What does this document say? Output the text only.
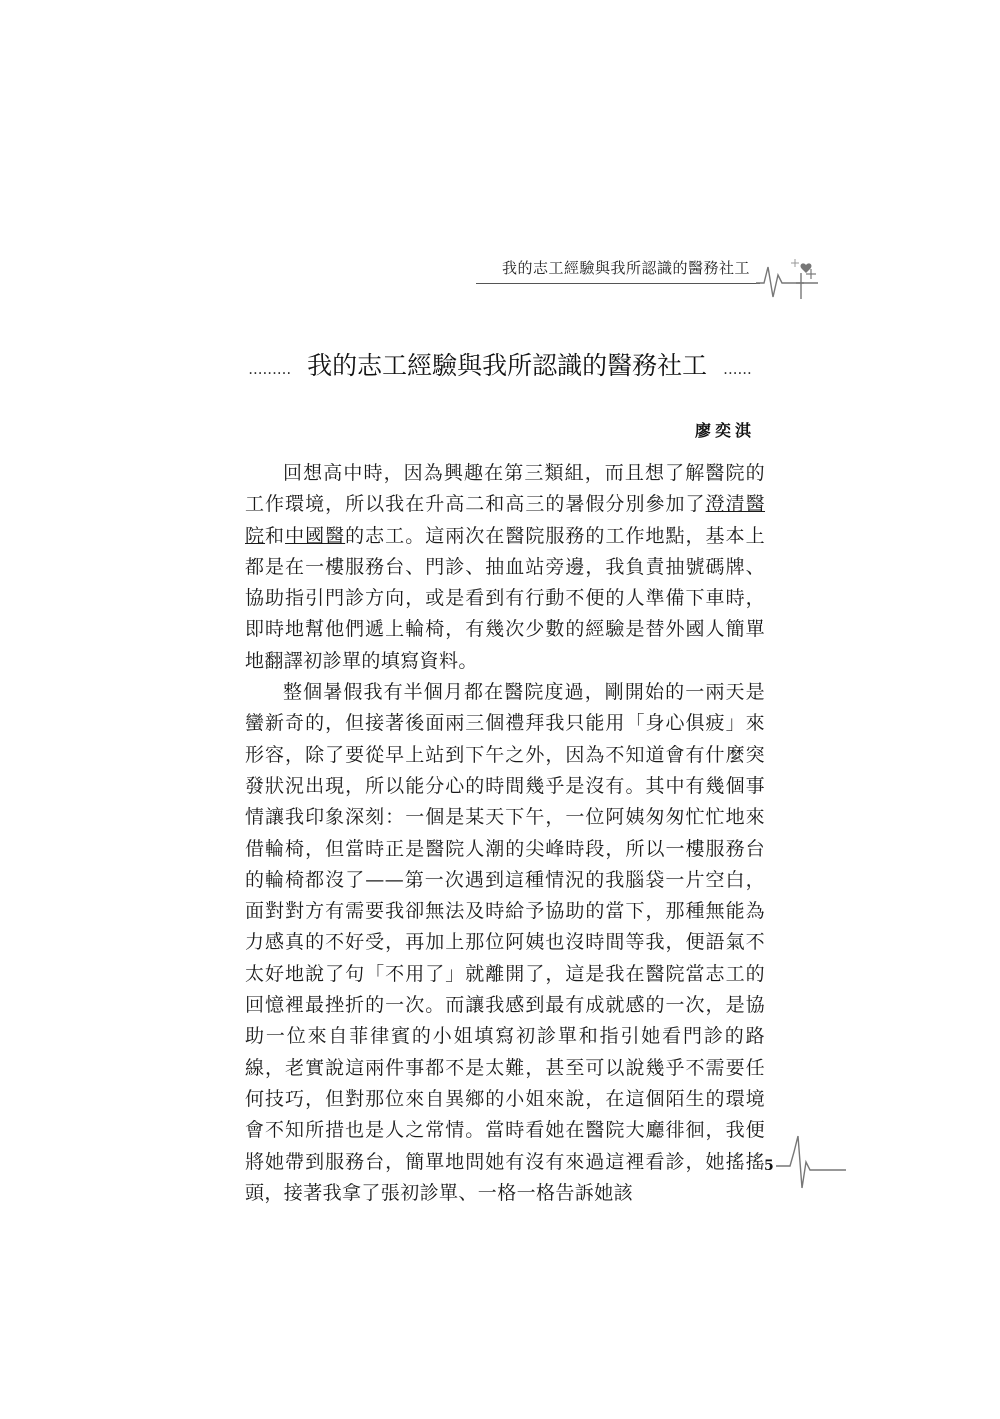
我的志工經驗與我所認識的醫務社工
......... 我的志工經驗與我所認識的醫務社工 ......
廖奕淇

回想高中時，因為興趣在第三類組，而且想了解醫院的工作環境，所以我在升高二和高三的暑假分別參加了澄清醫院和中國醫的志工。這兩次在醫院服務的工作地點，基本上都是在一樓服務台、門診、抽血站旁邊，我負責抽號碼牌、協助指引門診方向，或是看到有行動不便的人準備下車時，即時地幫他們遞上輪椅，有幾次少數的經驗是替外國人簡單地翻譯初診單的填寫資料。

整個暑假我有半個月都在醫院度過，剛開始的一兩天是蠻新奇的，但接著後面兩三個禮拜我只能用「身心俱疲」來形容，除了要從早上站到下午之外，因為不知道會有什麼突發狀況出現，所以能分心的時間幾乎是沒有。其中有幾個事情讓我印象深刻：一個是某天下午，一位阿姨匆匆忙忙地來借輪椅，但當時正是醫院人潮的尖峰時段，所以一樓服務台的輪椅都沒了——第一次遇到這種情況的我腦袋一片空白，面對對方有需要我卻無法及時給予協助的當下，那種無能為力感真的不好受，再加上那位阿姨也沒時間等我，便語氣不太好地說了句「不用了」就離開了，這是我在醫院當志工的回憶裡最挫折的一次。而讓我感到最有成就感的一次，是協助一位來自菲律賓的小姐填寫初診單和指引她看門診的路線，老實說這兩件事都不是太難，甚至可以說幾乎不需要任何技巧，但對那位來自異鄉的小姐來說，在這個陌生的環境會不知所措也是人之常情。當時看她在醫院大廳徘徊，我便將她帶到服務台，簡單地問她有沒有來過這裡看診，她搖搖頭，接著我拿了張初診單、一格一格告訴她該

5
